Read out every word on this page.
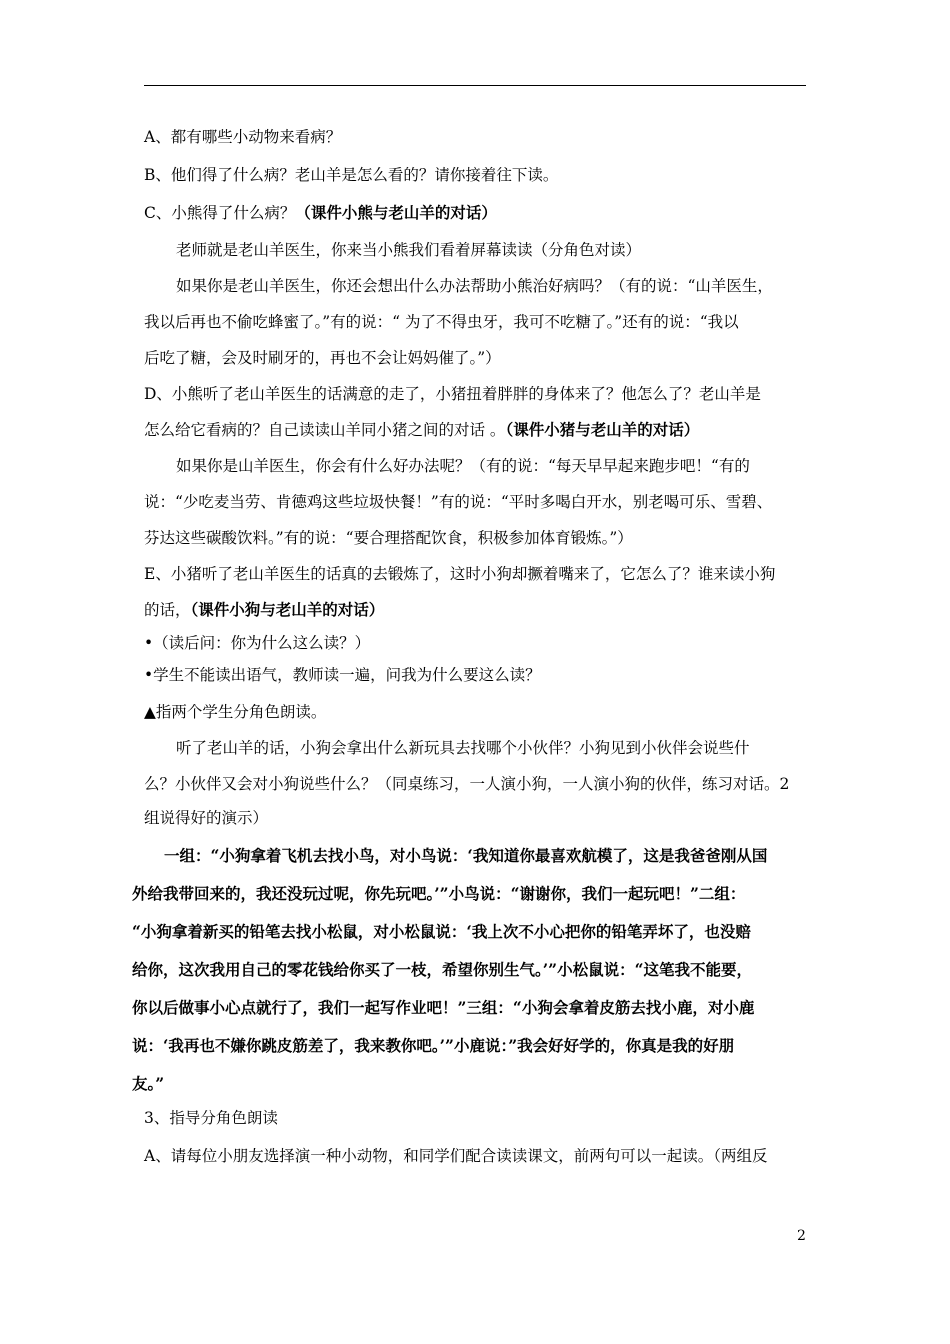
A、都有哪些小动物来看病？
B、他们得了什么病？老山羊是怎么看的？请你接着往下读。
C、小熊得了什么病？（课件小熊与老山羊的对话）
老师就是老山羊医生，你来当小熊我们看着屏幕读读（分角色对读）
如果你是老山羊医生，你还会想出什么办法帮助小熊治好病吗？（有的说：“山羊医生，
我以后再也不偷吃蜂蜜了。”有的说：“ 为了不得虫牙，我可不吃糖了。”还有的说：“我以
后吃了糖，会及时刷牙的，再也不会让妈妈催了。”）
D、小熊听了老山羊医生的话满意的走了，小猪扭着胖胖的身体来了？他怎么了？老山羊是
怎么给它看病的？自己读读山羊同小猪之间的对话 。（课件小猪与老山羊的对话）
如果你是山羊医生，你会有什么好办法呢？（有的说：“每天早早起来跑步吧！“有的
说：“少吃麦当劳、肯德鸡这些垃圾快餐！”有的说：“平时多喝白开水，别老喝可乐、雪碧、
芬达这些碳酸饮料。”有的说：“要合理搭配饮食，积极参加体育锻炼。”）
E、小猪听了老山羊医生的话真的去锻炼了，这时小狗却撅着嘴来了，它怎么了？谁来读小狗
的话，（课件小狗与老山羊的对话）
•（读后问：你为什么这么读？）
•学生不能读出语气，教师读一遍，问我为什么要这么读？
▲指两个学生分角色朗读。
听了老山羊的话，小狗会拿出什么新玩具去找哪个小伙伴？小狗见到小伙伴会说些什
么？小伙伴又会对小狗说些什么？（同桌练习，一人演小狗，一人演小狗的伙伴，练习对话。2
组说得好的演示）
一组：“小狗拿着飞机去找小鸟，对小鸟说：‘我知道你最喜欢航模了，这是我爸爸刚从国
外给我带回来的，我还没玩过呢，你先玩吧。’”小鸟说：“谢谢你，我们一起玩吧！”二组：
“小狗拿着新买的铅笔去找小松鼠，对小松鼠说：‘我上次不小心把你的铅笔弄坏了，也没赔
给你，这次我用自己的零花钱给你买了一枝，希望你别生气。’”小松鼠说：“这笔我不能要，
你以后做事小心点就行了，我们一起写作业吧！”三组：“小狗会拿着皮筋去找小鹿，对小鹿
说：‘我再也不嫌你跳皮筋差了，我来教你吧。’”小鹿说：”我会好好学的，你真是我的好朋
友。”
3、指导分角色朗读
A、请每位小朋友选择演一种小动物，和同学们配合读读课文，前两句可以一起读。（两组反
2
